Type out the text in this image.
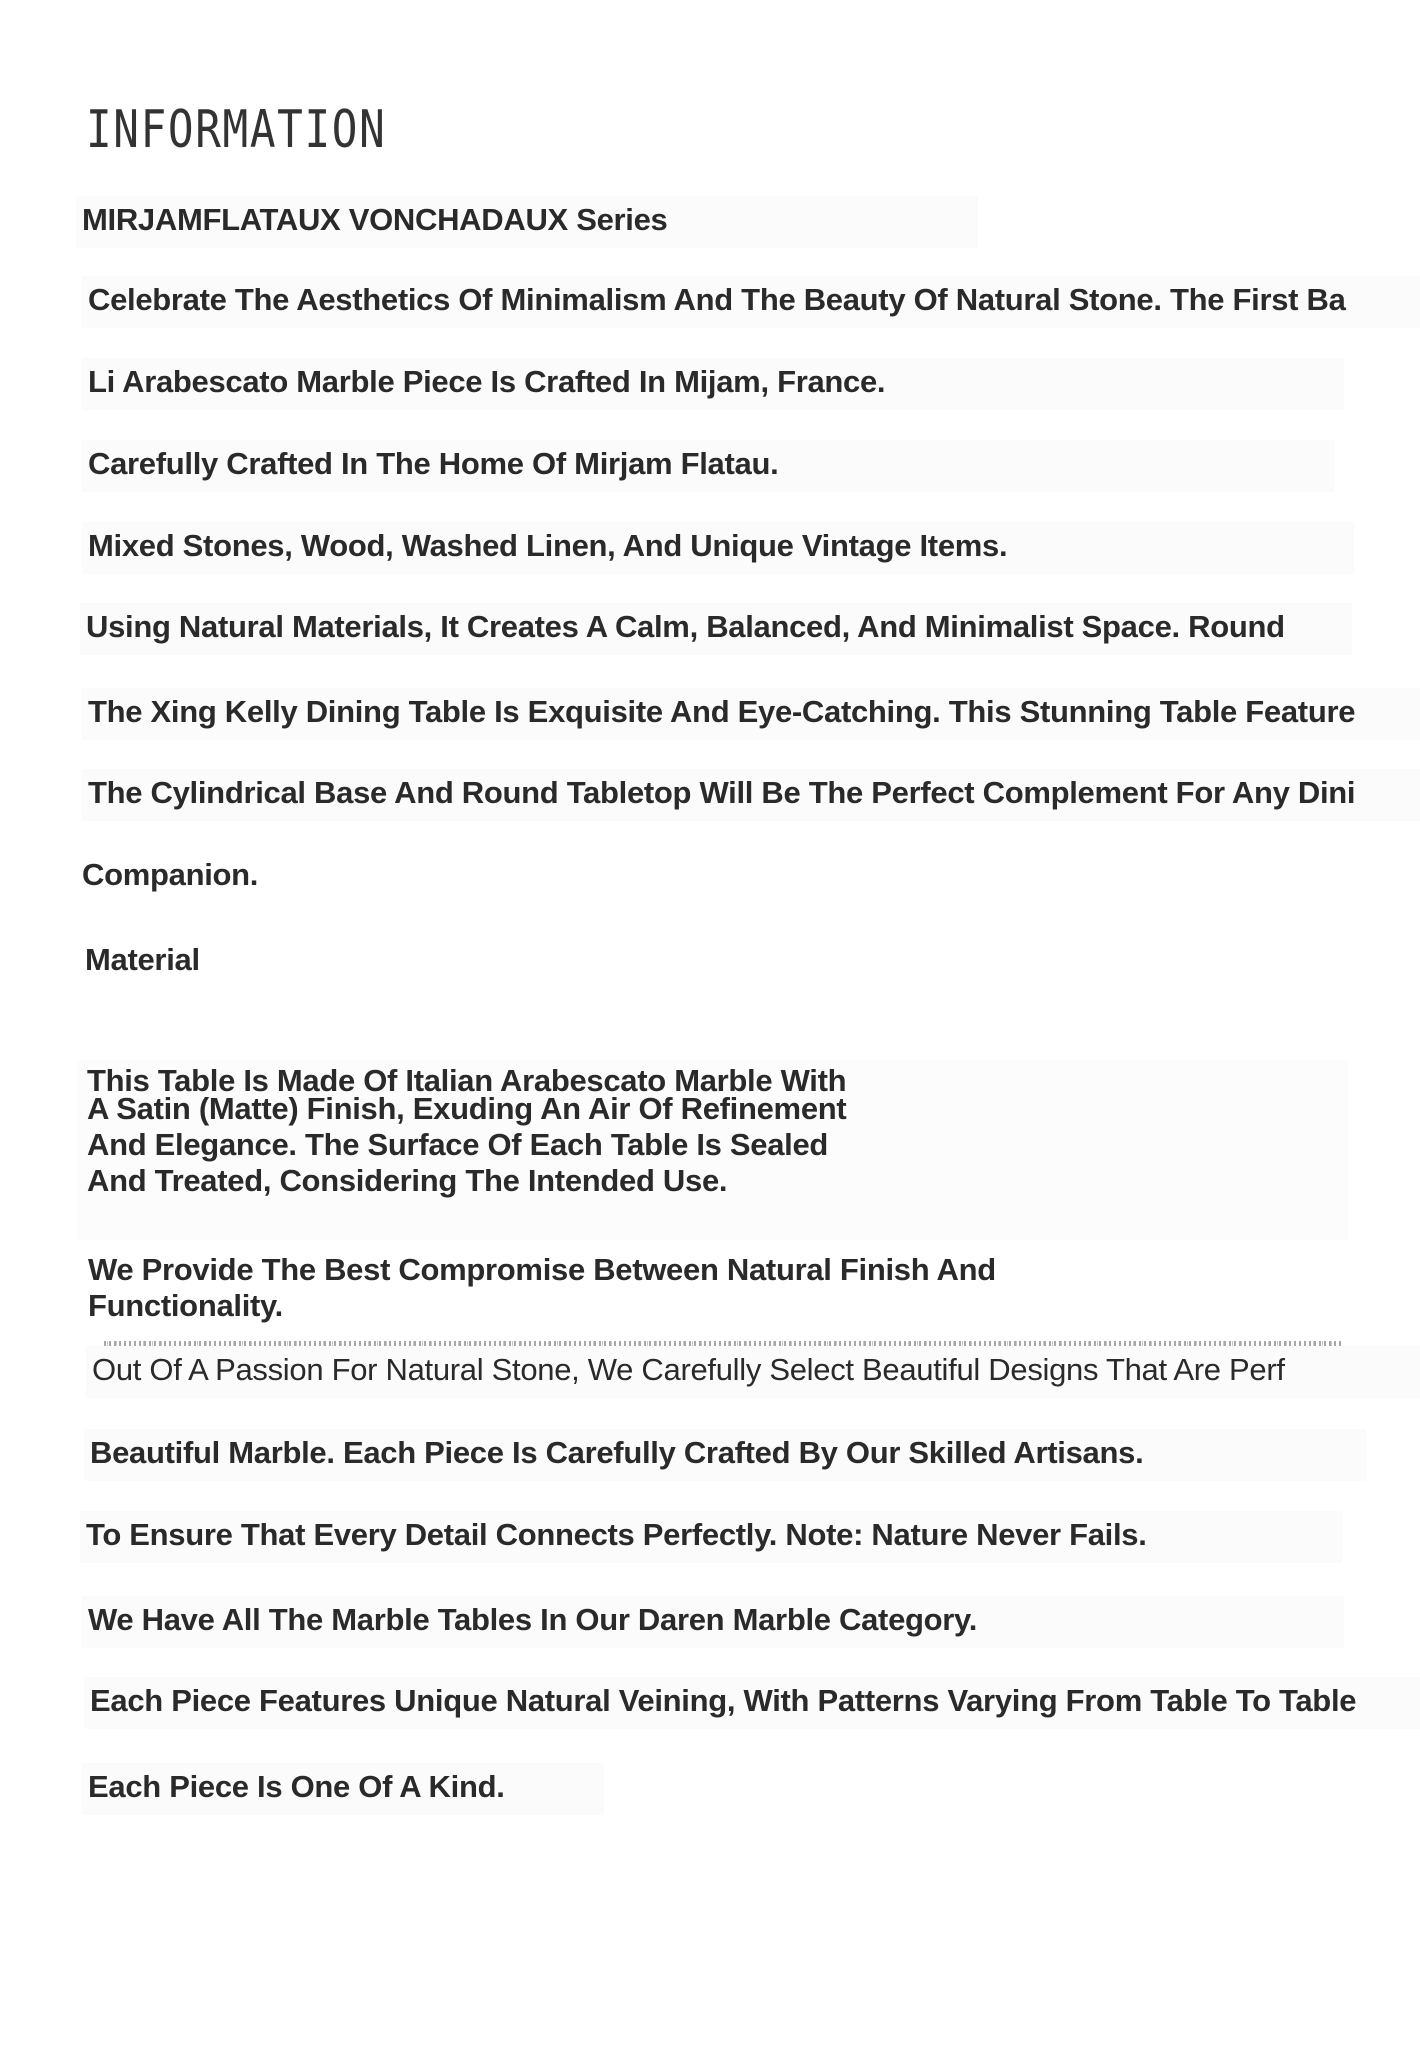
INFORMATION
MIRJAMFLATAUX VONCHADAUX Series
Celebrate The Aesthetics Of Minimalism And The Beauty Of Natural Stone. The First Ba
Li Arabescato Marble Piece Is Crafted In Mijam, France.
Carefully Crafted In The Home Of Mirjam Flatau.
Mixed Stones, Wood, Washed Linen, And Unique Vintage Items.
Using Natural Materials, It Creates A Calm, Balanced, And Minimalist Space. Round
The Xing Kelly Dining Table Is Exquisite And Eye-Catching. This Stunning Table Feature
The Cylindrical Base And Round Tabletop Will Be The Perfect Complement For Any Dini
Companion.
Material
This Table Is Made Of Italian Arabescato Marble With
A Satin (Matte) Finish, Exuding An Air Of Refinement
And Elegance. The Surface Of Each Table Is Sealed
And Treated, Considering The Intended Use.
We Provide The Best Compromise Between Natural Finish And
Functionality.
Out Of A Passion For Natural Stone, We Carefully Select Beautiful Designs That Are Perf
Beautiful Marble. Each Piece Is Carefully Crafted By Our Skilled Artisans.
To Ensure That Every Detail Connects Perfectly. Note: Nature Never Fails.
We Have All The Marble Tables In Our Daren Marble Category.
Each Piece Features Unique Natural Veining, With Patterns Varying From Table To Table
Each Piece Is One Of A Kind.
